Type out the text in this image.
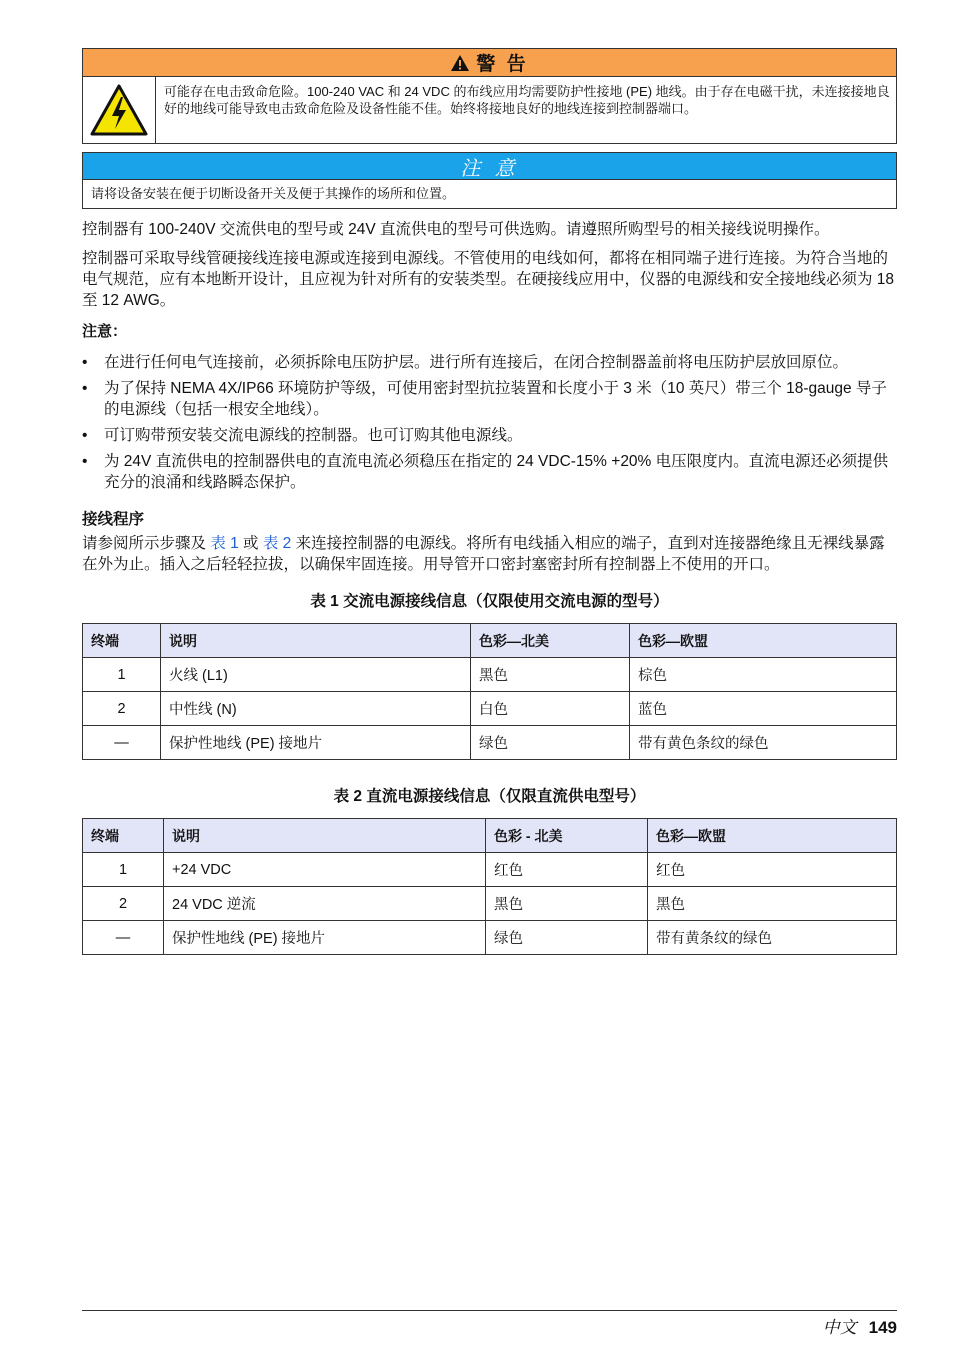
警 告
可能存在电击致命危险。100-240 VAC 和 24 VDC 的布线应用均需要防护性接地 (PE) 地线。由于存在电磁干扰，未连接接地良好的地线可能导致电击致命危险及设备性能不佳。始终将接地良好的地线连接到控制器端口。
注 意
请将设备安装在便于切断设备开关及便于其操作的场所和位置。

控制器有 100-240V 交流供电的型号或 24V 直流供电的型号可供选购。请遵照所购型号的相关接线说明操作。

控制器可采取导线管硬接线连接电源或连接到电源线。不管使用的电线如何，都将在相同端子进行连接。为符合当地的电气规范，应有本地断开设计，且应视为针对所有的安装类型。在硬接线应用中，仪器的电源线和安全接地线必须为 18 至 12 AWG。

注意：

• 在进行任何电气连接前，必须拆除电压防护层。进行所有连接后，在闭合控制器盖前将电压防护层放回原位。
• 为了保持 NEMA 4X/IP66 环境防护等级，可使用密封型抗拉装置和长度小于 3 米（10 英尺）带三个 18-gauge 导子的电源线（包括一根安全地线）。
• 可订购带预安装交流电源线的控制器。也可订购其他电源线。
• 为 24V 直流供电的控制器供电的直流电流必须稳压在指定的 24 VDC-15% +20% 电压限度内。直流电源还必须提供充分的浪涌和线路瞬态保护。
接线程序

请参阅所示步骤及 表 1 或 表 2 来连接控制器的电源线。将所有电线插入相应的端子，直到对连接器绝缘且无裸线暴露在外为止。插入之后轻轻拉拔，以确保牢固连接。用导管开口密封塞密封所有控制器上不使用的开口。

表 1 交流电源接线信息（仅限使用交流电源的型号）
终端	说明	色彩—北美	色彩—欧盟
1	火线 (L1)	黑色	棕色
2	中性线 (N)	白色	蓝色
—	保护性地线 (PE) 接地片	绿色	带有黄色条纹的绿色
表 2 直流电源接线信息（仅限直流供电型号）
终端	说明	色彩 - 北美	色彩—欧盟
1	+24 VDC	红色	红色
2	24 VDC 逆流	黑色	黑色
—	保护性地线 (PE) 接地片	绿色	带有黄条纹的绿色
中文 149
